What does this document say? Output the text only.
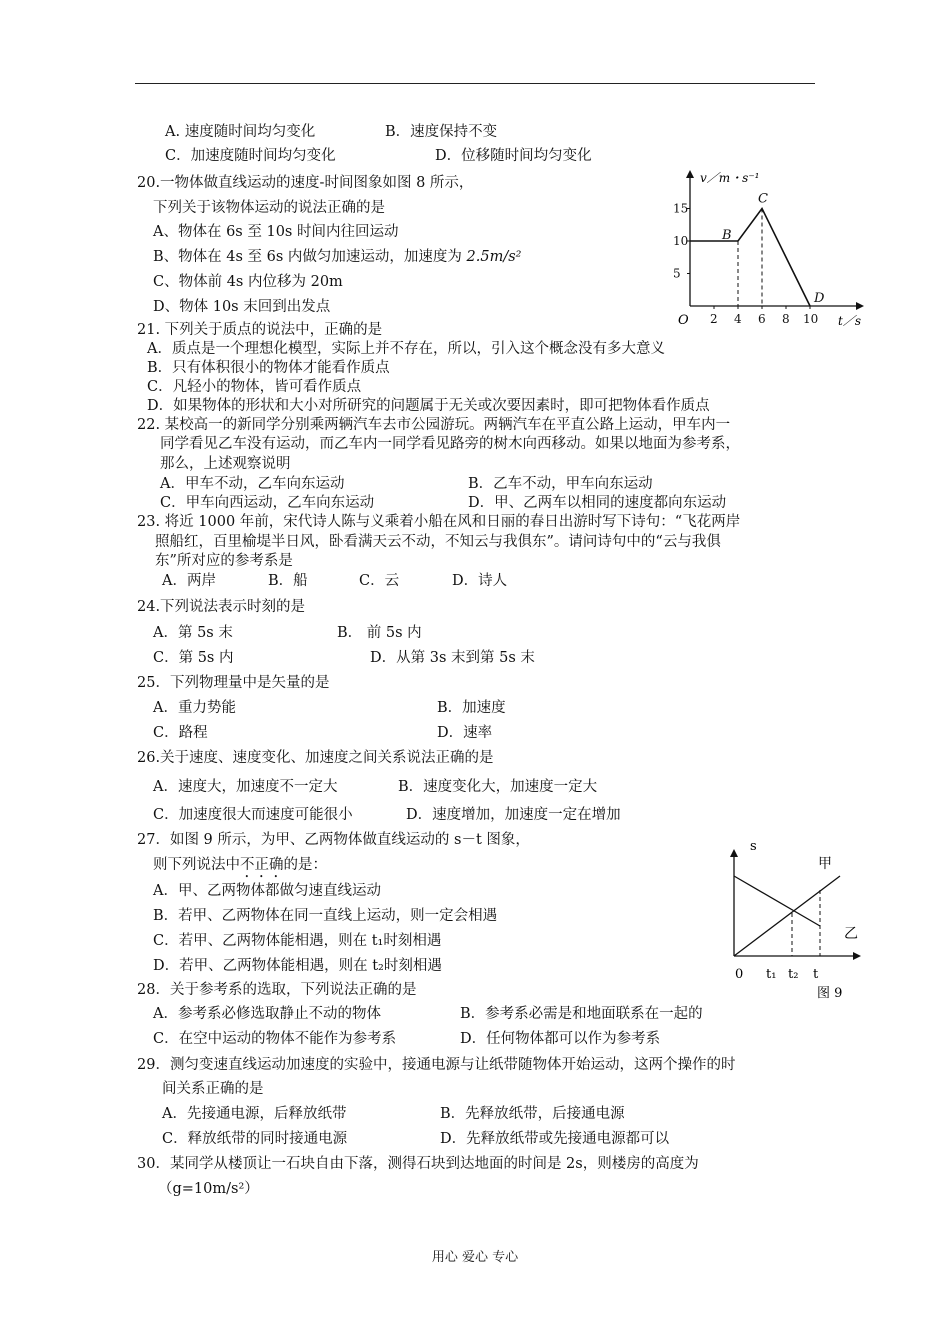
A. 速度随时间均匀变化	B．速度保持不变
C．加速度随时间均匀变化	D．位移随时间均匀变化
20.一物体做直线运动的速度-时间图象如图 8 所示，
下列关于该物体运动的说法正确的是
A、物体在 6s 至 10s 时间内往回运动
B、物体在 4s 至 6s 内做匀加速运动，加速度为 2.5m/s²
C、物体前 4s 内位移为 20m
D、物体 10s 末回到出发点
5
10
15
2 4 6 8 10
B
C
D
v／m・s⁻¹
t／s
O
21. 下列关于质点的说法中，正确的是
A．质点是一个理想化模型，实际上并不存在，所以，引入这个概念没有多大意义
B．只有体积很小的物体才能看作质点
C．凡轻小的物体，皆可看作质点
D．如果物体的形状和大小对所研究的问题属于无关或次要因素时，即可把物体看作质点
22. 某校高一的新同学分别乘两辆汽车去市公园游玩。两辆汽车在平直公路上运动，甲车内一
同学看见乙车没有运动，而乙车内一同学看见路旁的树木向西移动。如果以地面为参考系，
那么，上述观察说明
A．甲车不动，乙车向东运动	B．乙车不动，甲车向东运动
C．甲车向西运动，乙车向东运动	D．甲、乙两车以相同的速度都向东运动
23. 将近 1000 年前，宋代诗人陈与义乘着小船在风和日丽的春日出游时写下诗句：“飞花两岸
照船红，百里榆堤半日风，卧看满天云不动，不知云与我俱东”。请问诗句中的“云与我俱
东”所对应的参考系是
A．两岸	B．船	C．云	D．诗人
24.下列说法表示时刻的是
A．第 5s 末	B． 前 5s 内
C．第 5s 内	D．从第 3s 末到第 5s 末
25．下列物理量中是矢量的是
A．重力势能	B．加速度
C．路程	D．速率
26.关于速度、速度变化、加速度之间关系说法正确的是
A．速度大，加速度不一定大	B．速度变化大，加速度一定大
C．加速度很大而速度可能很小	D．速度增加，加速度一定在增加
27．如图 9 所示，为甲、乙两物体做直线运动的 s－t 图象，
则下列说法中不正确的是：
A．甲、乙两物体都做匀速直线运动
B．若甲、乙两物体在同一直线上运动，则一定会相遇
C．若甲、乙两物体能相遇，则在 t₁时刻相遇
D．若甲、乙两物体能相遇，则在 t₂时刻相遇
s
甲
乙
0 t₁ t₂ t
图 9
28．关于参考系的选取，下列说法正确的是
A．参考系必修选取静止不动的物体	B．参考系必需是和地面联系在一起的
C．在空中运动的物体不能作为参考系	D．任何物体都可以作为参考系
29．测匀变速直线运动加速度的实验中，接通电源与让纸带随物体开始运动，这两个操作的时
间关系正确的是
A．先接通电源，后释放纸带	B．先释放纸带，后接通电源
C．释放纸带的同时接通电源	D．先释放纸带或先接通电源都可以
30．某同学从楼顶让一石块自由下落，测得石块到达地面的时间是 2s，则楼房的高度为
（g=10m/s²）
用心 爱心 专心
